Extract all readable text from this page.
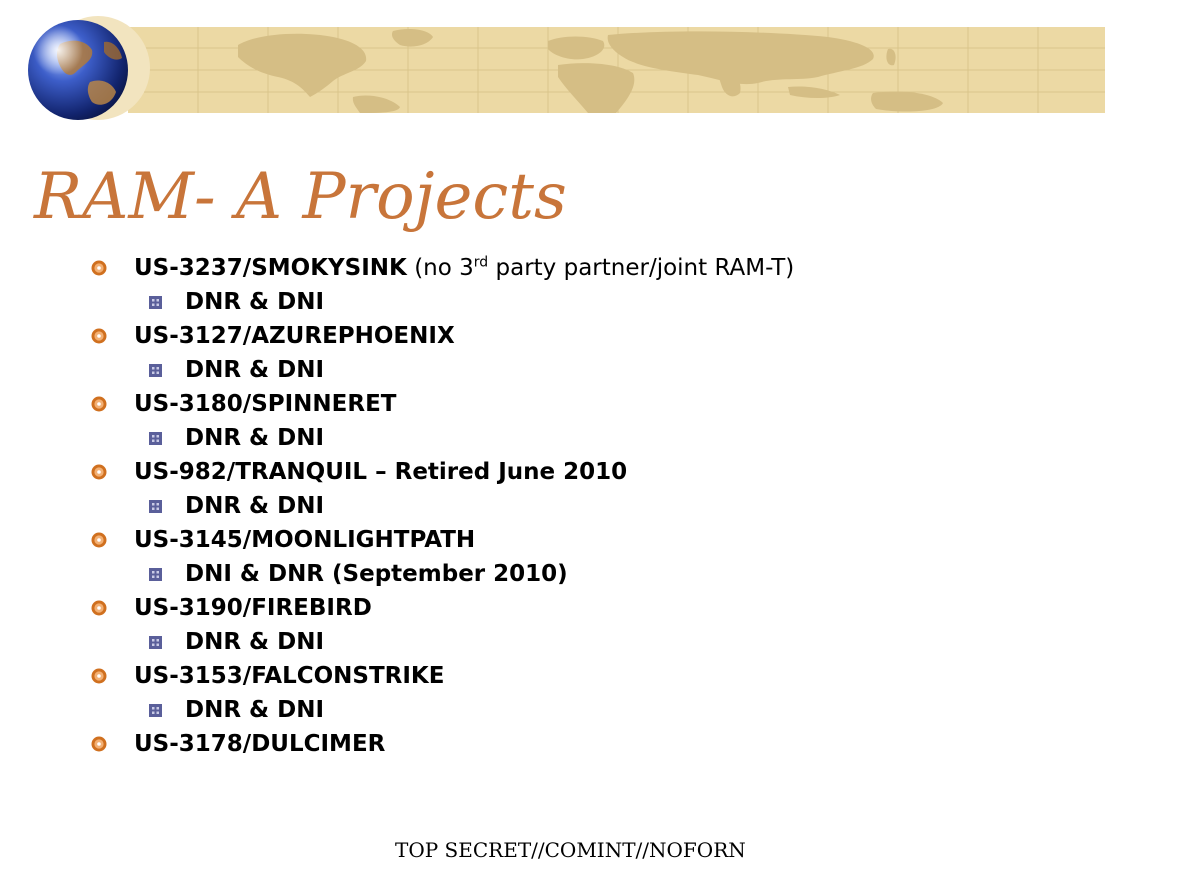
RAM- A Projects
US-3237/SMOKYSINK (no 3rd party partner/joint RAM-T)
DNR & DNI
US-3127/AZUREPHOENIX
DNR & DNI
US-3180/SPINNERET
DNR & DNI
US-982/TRANQUIL – Retired June 2010
DNR & DNI
US-3145/MOONLIGHTPATH
DNI & DNR (September 2010)
US-3190/FIREBIRD
DNR & DNI
US-3153/FALCONSTRIKE
DNR & DNI
US-3178/DULCIMER
TOP SECRET//COMINT//NOFORN
